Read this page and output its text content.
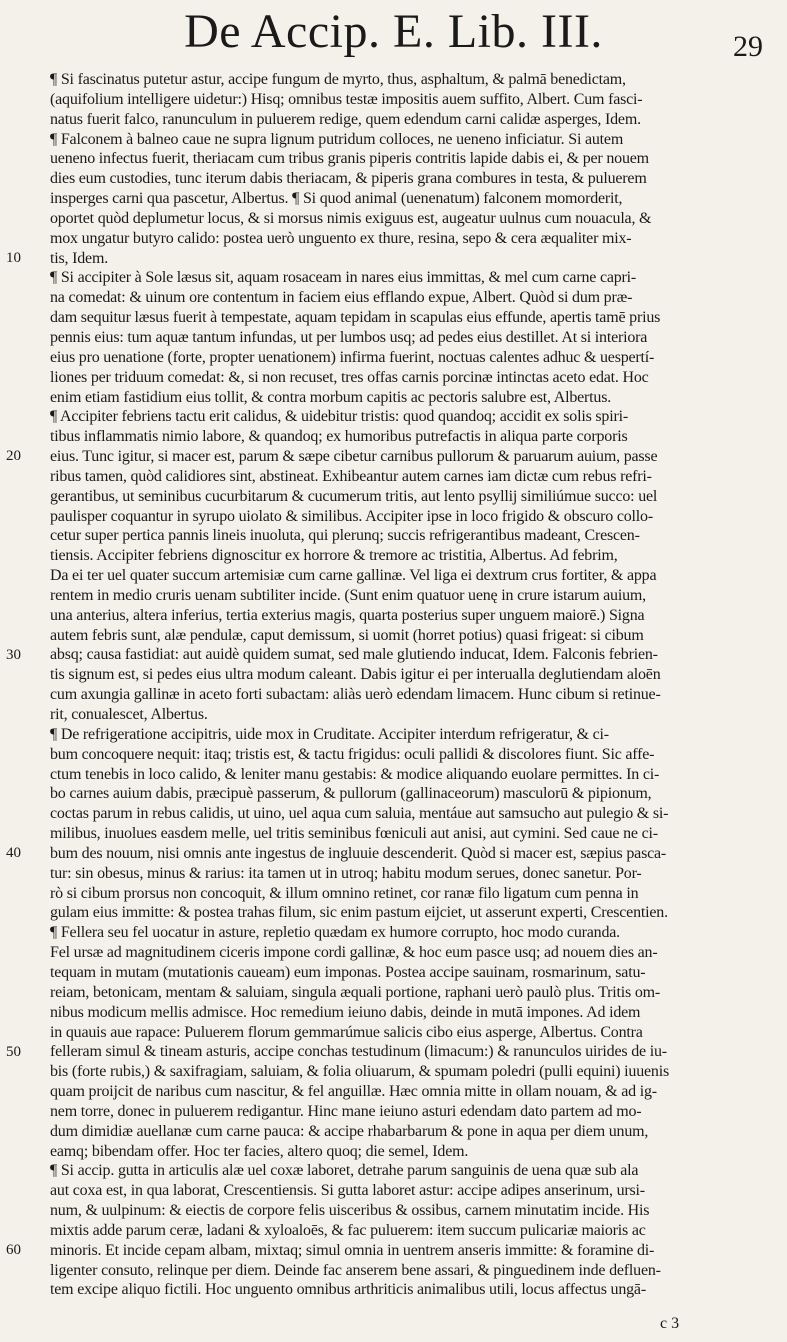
De Accip. E. Lib. III.	29
¶ Si fascinatus putetur astur, accipe fungum de myrto, thus, asphaltum, & palmā benedictam,
(aquifolium intelligere uidetur:) Hisq; omnibus testæ impositis auem suffito, Albert. Cum fasci-
natus fuerit falco, ranunculum in puluerem redige, quem edendum carni calidæ asperges, Idem.
¶ Falconem à balneo caue ne supra lignum putridum colloces, ne ueneno inficiatur. Si autem
ueneno infectus fuerit, theriacam cum tribus granis piperis contritis lapide dabis ei, & per nouem
dies eum custodies, tunc iterum dabis theriacam, & piperis grana combures in testa, & puluerem
insperges carni qua pascetur, Albertus. ¶ Si quod animal (uenenatum) falconem momorderit,
oportet quòd deplumetur locus, & si morsus nimis exiguus est, augeatur uulnus cum nouacula, &
mox ungatur butyro calido: postea uerò unguento ex thure, resina, sepo & cera æqualiter mix-
tis, Idem.
¶ Si accipiter à Sole læsus sit, aquam rosaceam in nares eius immittas, & mel cum carne capri-
na comedat: & uinum ore contentum in faciem eius efflando expue, Albert. Quòd si dum præ-
dam sequitur læsus fuerit à tempestate, aquam tepidam in scapulas eius effunde, apertis tamē prius
pennis eius: tum aquæ tantum infundas, ut per lumbos usq; ad pedes eius destillet. At si interiora
eius pro uenatione (forte, propter uenationem) infirma fuerint, noctuas calentes adhuc & uespertí-
liones per triduum comedat: &, si non recuset, tres offas carnis porcinæ intinctas aceto edat. Hoc
enim etiam fastidium eius tollit, & contra morbum capitis ac pectoris salubre est, Albertus.
¶ Accipiter febriens tactu erit calidus, & uidebitur tristis: quod quandoq; accidit ex solis spiri-
tibus inflammatis nimio labore, & quandoq; ex humoribus putrefactis in aliqua parte corporis
eius. Tunc igitur, si macer est, parum & sæpe cibetur carnibus pullorum & paruarum auium, passe
ribus tamen, quòd calidiores sint, abstineat. Exhibeantur autem carnes iam dictæ cum rebus refri-
gerantibus, ut seminibus cucurbitarum & cucumerum tritis, aut lento psyllij similiúmue succo: uel
paulisper coquantur in syrupo uiolato & similibus. Accipiter ipse in loco frigido & obscuro collo-
cetur super pertica pannis lineis inuoluta, qui plerunq; succis refrigerantibus madeant, Crescen-
tiensis. Accipiter febriens dignoscitur ex horrore & tremore ac tristitia, Albertus. Ad febrim,
Da ei ter uel quater succum artemisiæ cum carne gallinæ. Vel liga ei dextrum crus fortiter, & appa
rentem in medio cruris uenam subtiliter incide. (Sunt enim quatuor uenę in crure istarum auium,
una anterius, altera inferius, tertia exterius magis, quarta posterius super unguem maiorē.) Signa
autem febris sunt, alæ pendulæ, caput demissum, si uomit (horret potius) quasi frigeat: si cibum
absq; causa fastidiat: aut auidè quidem sumat, sed male glutiendo inducat, Idem. Falconis febrien-
tis signum est, si pedes eius ultra modum caleant. Dabis igitur ei per interualla deglutiendam aloēn
cum axungia gallinæ in aceto forti subactam: aliàs uerò edendam limacem. Hunc cibum si retinue-
rit, conualescet, Albertus.
¶ De refrigeratione accipitris, uide mox in Cruditate. Accipiter interdum refrigeratur, & ci-
bum concoquere nequit: itaq; tristis est, & tactu frigidus: oculi pallidi & discolores fiunt. Sic affe-
ctum tenebis in loco calido, & leniter manu gestabis: & modice aliquando euolare permittes. In ci-
bo carnes auium dabis, præcipuè passerum, & pullorum (gallinaceorum) masculorū & pipionum,
coctas parum in rebus calidis, ut uino, uel aqua cum saluia, mentáue aut samsucho aut pulegio & si-
milibus, inuolues easdem melle, uel tritis seminibus fœniculi aut anisi, aut cymini. Sed caue ne ci-
bum des nouum, nisi omnis ante ingestus de ingluuie descenderit. Quòd si macer est, sæpius pasca-
tur: sin obesus, minus & rarius: ita tamen ut in utroq; habitu modum serues, donec sanetur. Por-
rò si cibum prorsus non concoquit, & illum omnino retinet, cor ranæ filo ligatum cum penna in
gulam eius immitte: & postea trahas filum, sic enim pastum eijciet, ut asserunt experti, Crescentien.
¶ Fellera seu fel uocatur in asture, repletio quædam ex humore corrupto, hoc modo curanda.
Fel ursæ ad magnitudinem ciceris impone cordi gallinæ, & hoc eum pasce usq; ad nouem dies an-
tequam in mutam (mutationis caueam) eum imponas. Postea accipe sauinam, rosmarinum, satu-
reiam, betonicam, mentam & saluiam, singula æquali portione, raphani uerò paulò plus. Tritis om-
nibus modicum mellis admisce. Hoc remedium ieiuno dabis, deinde in mutā impones. Ad idem
in quauis aue rapace: Puluerem florum gemmarúmue salicis cibo eius asperge, Albertus. Contra
felleram simul & tineam asturis, accipe conchas testudinum (limacum:) & ranunculos uirides de iu-
bis (forte rubis,) & saxifragiam, saluiam, & folia oliuarum, & spumam poledri (pulli equini) iuuenis
quam proijcit de naribus cum nascitur, & fel anguillæ. Hæc omnia mitte in ollam nouam, & ad ig-
nem torre, donec in puluerem redigantur. Hinc mane ieiuno asturi edendam dato partem ad mo-
dum dimidiæ auellanæ cum carne pauca: & accipe rhabarbarum & pone in aqua per diem unum,
eamq; bibendam offer. Hoc ter facies, altero quoq; die semel, Idem.
¶ Si accip. gutta in articulis alæ uel coxæ laboret, detrahe parum sanguinis de uena quæ sub ala
aut coxa est, in qua laborat, Crescentiensis. Si gutta laboret astur: accipe adipes anserinum, ursi-
num, & uulpinum: & eiectis de corpore felis uisceribus & ossibus, carnem minutatim incide. His
mixtis adde parum ceræ, ladani & xyloaloēs, & fac puluerem: item succum pulicariæ maioris ac
minoris. Et incide cepam albam, mixtaq; simul omnia in uentrem anseris immitte: & foramine di-
ligenter consuto, relinque per diem. Deinde fac anserem bene assari, & pinguedinem inde defluen-
tem excipe aliquo fictili. Hoc unguento omnibus arthriticis animalibus utili, locus affectus ungā-
10
20
30
40
50
60
c 3
